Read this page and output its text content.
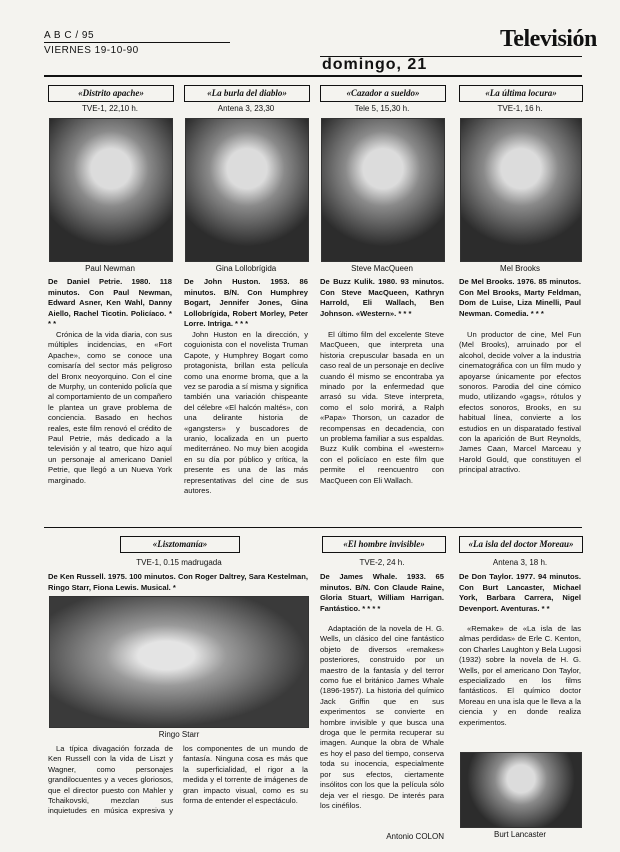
A B C / 95
VIERNES 19-10-90	Televisión
domingo, 21
«Distrito apache»
TVE-1, 22,10 h.
Paul Newman
De Daniel Petrie. 1980. 118 minutos. Con Paul Newman, Edward Asner, Ken Wahl, Danny Aiello, Rachel Ticotin. Policíaco. * * *
Crónica de la vida diaria, con sus múltiples incidencias, en «Fort Apache», como se conoce una comisaría del sector más peligroso del Bronx neoyorquino. Con el cine de Murphy, un contenido policía que al comportamiento de un compañero le plantea un grave problema de conciencia. Basado en hechos reales, este film renovó el crédito de Paul Petrie, más dedicado a la televisión y al teatro, que hizo aquí un personaje al americano Daniel Petrie, que llegó a un Nueva York marginado.
«La burla del diablo»
Antena 3, 23,30
Gina Lollobrígida
De John Huston. 1953. 86 minutos. B/N. Con Humphrey Bogart, Jennifer Jones, Gina Lollobrígida, Robert Morley, Peter Lorre. Intriga. * * *
John Huston en la dirección, y coguionista con el novelista Truman Capote, y Humphrey Bogart como protagonista, brillan esta película como una enorme broma, que a la vez se parodia a sí misma y significa también una variación chispeante del célebre «El halcón maltés», con una delirante historia de «gangsters» y buscadores de uranio, localizada en un puerto mediterráneo. No muy bien acogida en su día por público y crítica, la presente es una de las más representativas del cine de sus autores.
«Cazador a sueldo»
Tele 5, 15,30 h.
Steve MacQueen
De Buzz Kulik. 1980. 93 minutos. Con Steve MacQueen, Kathryn Harrold, Eli Wallach, Ben Johnson. «Western». * * *
El último film del excelente Steve MacQueen, que interpreta una historia crepuscular basada en un caso real de un personaje en declive cuando él mismo se encontraba ya minado por la enfermedad que arrasó su vida. Steve interpreta, como el solo morirá, a Ralph «Papa» Thorson, un cazador de recompensas en decadencia, con un problema familiar a sus espaldas. Buzz Kulik combina el «western» con el policíaco en este film que permite el reencuentro con MacQueen con Eli Wallach.
«La última locura»
TVE-1, 16 h.
Mel Brooks
De Mel Brooks. 1976. 85 minutos. Con Mel Brooks, Marty Feldman, Dom de Luise, Liza Minelli, Paul Newman. Comedia. * * *
Un productor de cine, Mel Fun (Mel Brooks), arruinado por el alcohol, decide volver a la industria cinematográfica con un film mudo y apoyarse únicamente por efectos sonoros. Parodia del cine cómico mudo, utilizando «gags», rótulos y efectos sonoros, Brooks, en su habitual línea, convierte a los estudios en un disparatado festival con la aparición de Burt Reynolds, James Caan, Marcel Marceau y Harold Gould, que constituyen el principal atractivo.
«Lisztomanía»
TVE-1, 0.15 madrugada
De Ken Russell. 1975. 100 minutos. Con Roger Daltrey, Sara Kestelman, Ringo Starr, Fiona Lewis. Musical. *
Ringo Starr
La típica divagación forzada de Ken Russell con la vida de Liszt y Wagner, como personajes grandilocuentes y a veces gloriosos, que el director puesto con Mahler y Tchaikovski, mezclan sus inquietudes en música expresiva y los componentes de un mundo de fantasía. Ninguna cosa es más que la superficialidad, el rigor a la medida y el torrente de imágenes de gran impacto visual, como es su forma de entender el espectáculo.
«El hombre invisible»
TVE-2, 24 h.
De James Whale. 1933. 65 minutos. B/N. Con Claude Raine, Gloria Stuart, William Harrigan. Fantástico. * * * *
Adaptación de la novela de H. G. Wells, un clásico del cine fantástico objeto de diversos «remakes» posteriores, construido por un maestro de la fantasía y del terror como fue el británico James Whale (1896-1957). La historia del químico Jack Griffin que en sus experimentos se convierte en hombre invisible y que busca una droga que le permita recuperar su imagen. Aunque la obra de Whale es hoy el paso del tiempo, conserva toda su inocencia, especialmente por sus efectos, ciertamente insólitos con los que la película sólo deja ver el riesgo. De interés para los cinéfilos.
Antonio COLON
«La isla del doctor Moreau»
Antena 3, 18 h.
De Don Taylor. 1977. 94 minutos. Con Burt Lancaster, Michael York, Barbara Carrera, Nigel Devenport. Aventuras. * *
«Remake» de «La isla de las almas perdidas» de Erle C. Kenton, con Charles Laughton y Bela Lugosi (1932) sobre la novela de H. G. Wells, por el americano Don Taylor, especializado en los films fantásticos. El químico doctor Moreau en una isla que le lleva a la ciencia y en donde realiza experimentos.
Burt Lancaster
